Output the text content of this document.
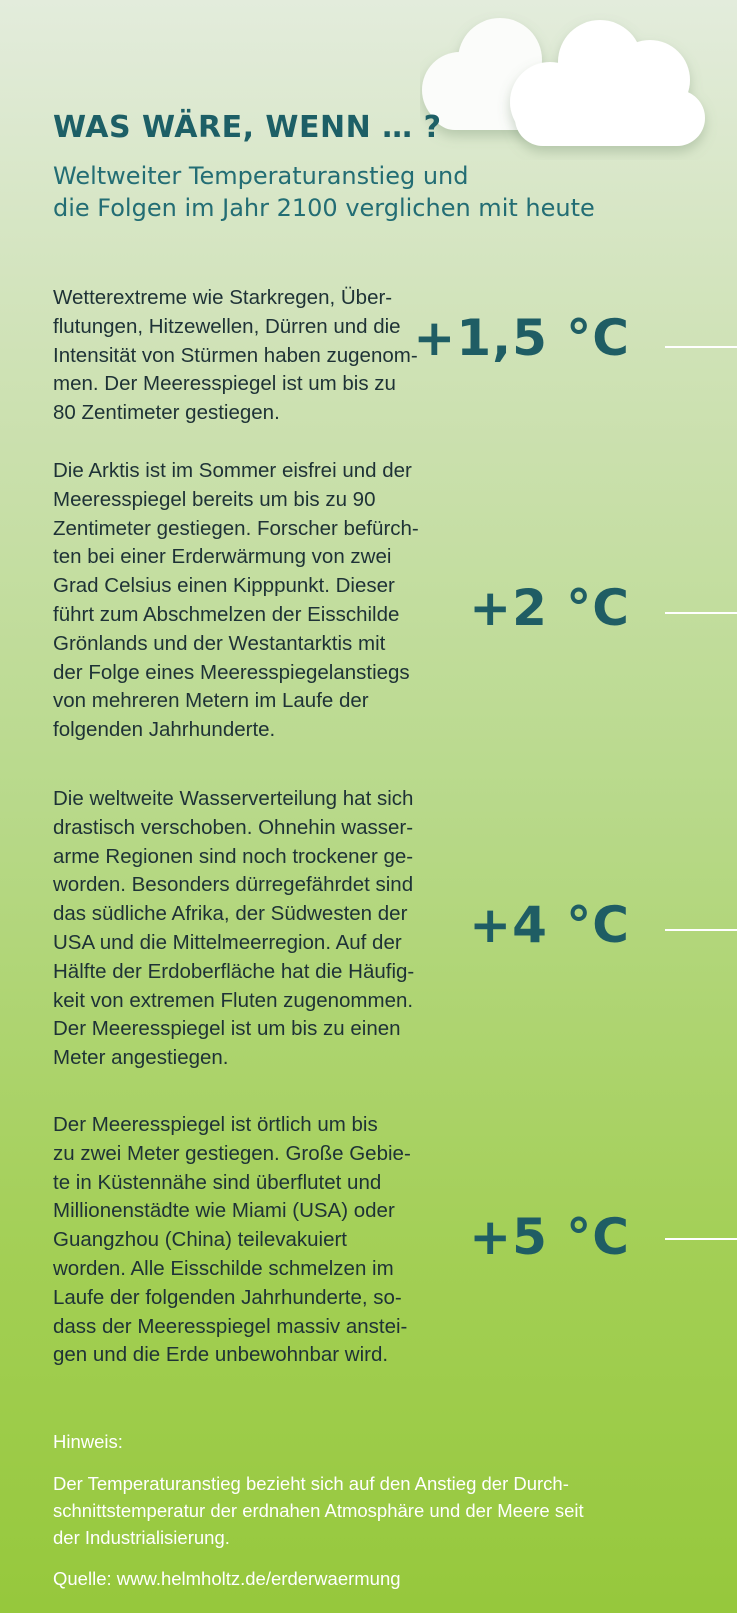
WAS WÄRE, WENN … ?
Weltweiter Temperaturanstieg und
die Folgen im Jahr 2100 verglichen mit heute

Wetterextreme wie Starkregen, Über-
flutungen, Hitzewellen, Dürren und die
Intensität von Stürmen haben zugenom-
men. Der Meeresspiegel ist um bis zu
80 Zentimeter gestiegen.

+1,5 °C

Die Arktis ist im Sommer eisfrei und der
Meeresspiegel bereits um bis zu 90
Zentimeter gestiegen. Forscher befürch-
ten bei einer Erderwärmung von zwei
Grad Celsius einen Kipppunkt. Dieser
führt zum Abschmelzen der Eisschilde
Grönlands und der Westantarktis mit
der Folge eines Meeresspiegelanstiegs
von mehreren Metern im Laufe der
folgenden Jahrhunderte.

+2 °C

Die weltweite Wasserverteilung hat sich
drastisch verschoben. Ohnehin wasser-
arme Regionen sind noch trockener ge-
worden. Besonders dürregefährdet sind
das südliche Afrika, der Südwesten der
USA und die Mittelmeerregion. Auf der
Hälfte der Erdoberfläche hat die Häufig-
keit von extremen Fluten zugenommen.
Der Meeresspiegel ist um bis zu einen
Meter angestiegen.

+4 °C

Der Meeresspiegel ist örtlich um bis
zu zwei Meter gestiegen. Große Gebie-
te in Küstennähe sind überflutet und
Millionenstädte wie Miami (USA) oder
Guangzhou (China) teilevakuiert
worden. Alle Eisschilde schmelzen im
Laufe der folgenden Jahrhunderte, so-
dass der Meeresspiegel massiv anstei-
gen und die Erde unbewohnbar wird.

+5 °C

Hinweis:

Der Temperaturanstieg bezieht sich auf den Anstieg der Durch-
schnittstemperatur der erdnahen Atmosphäre und der Meere seit
der Industrialisierung.

Quelle: www.helmholtz.de/erderwaermung
